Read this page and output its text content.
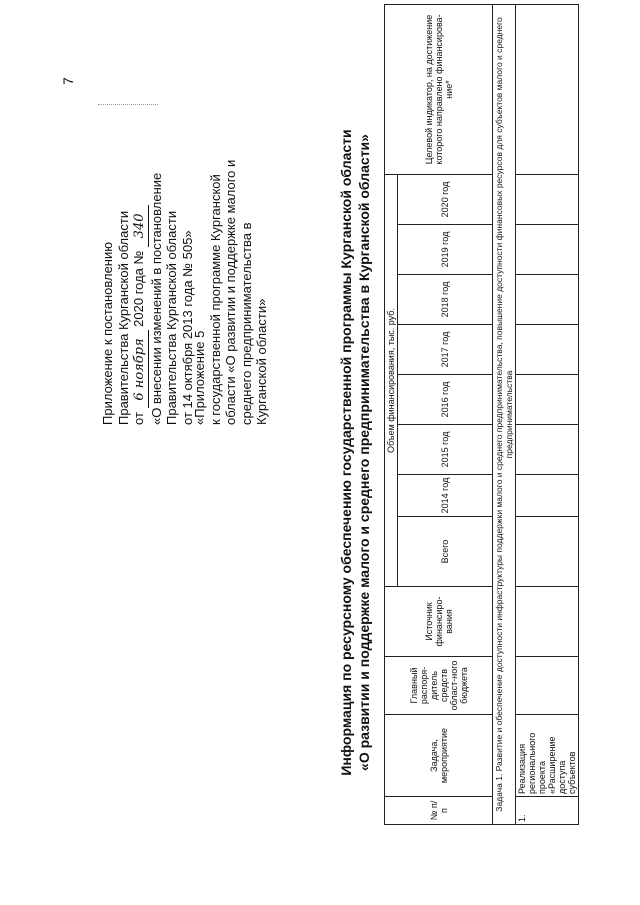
7
Приложение к постановлению Правительства Курганской области от 6 ноября 2020 года № 340 «О внесении изменений в постановление Правительства Курганской области от 14 октября 2013 года № 505»
«Приложение 5 к государственной программе Курганской области «О развитии и поддержке малого и среднего предпринимательства в Курганской области»	Информация по ресурсному обеспечению государственной программы Курганской области «О развитии и поддержке малого и среднего предпринимательства в Курганской области»
№ п/п	Задача, мероприятие	Главный распоря-дитель средств област-ного бюджета	Источник финансиро-вания	Объем финансирования, тыс. руб.								Целевой индикатор, на достижение которого направлено финансирова-ние*
				Всего	2014 год	2015 год	2016 год	2017 год	2018 год	2019 год	2020 год	
Задача 1. Развитие и обеспечение доступности инфраструктуры поддержки малого и среднего предпринимательства, повышение доступности финансовых ресурсов для субъектов малого и среднего предпринимательства												
1.	Реализация регионального проекта «Расширение доступа субъектов											
